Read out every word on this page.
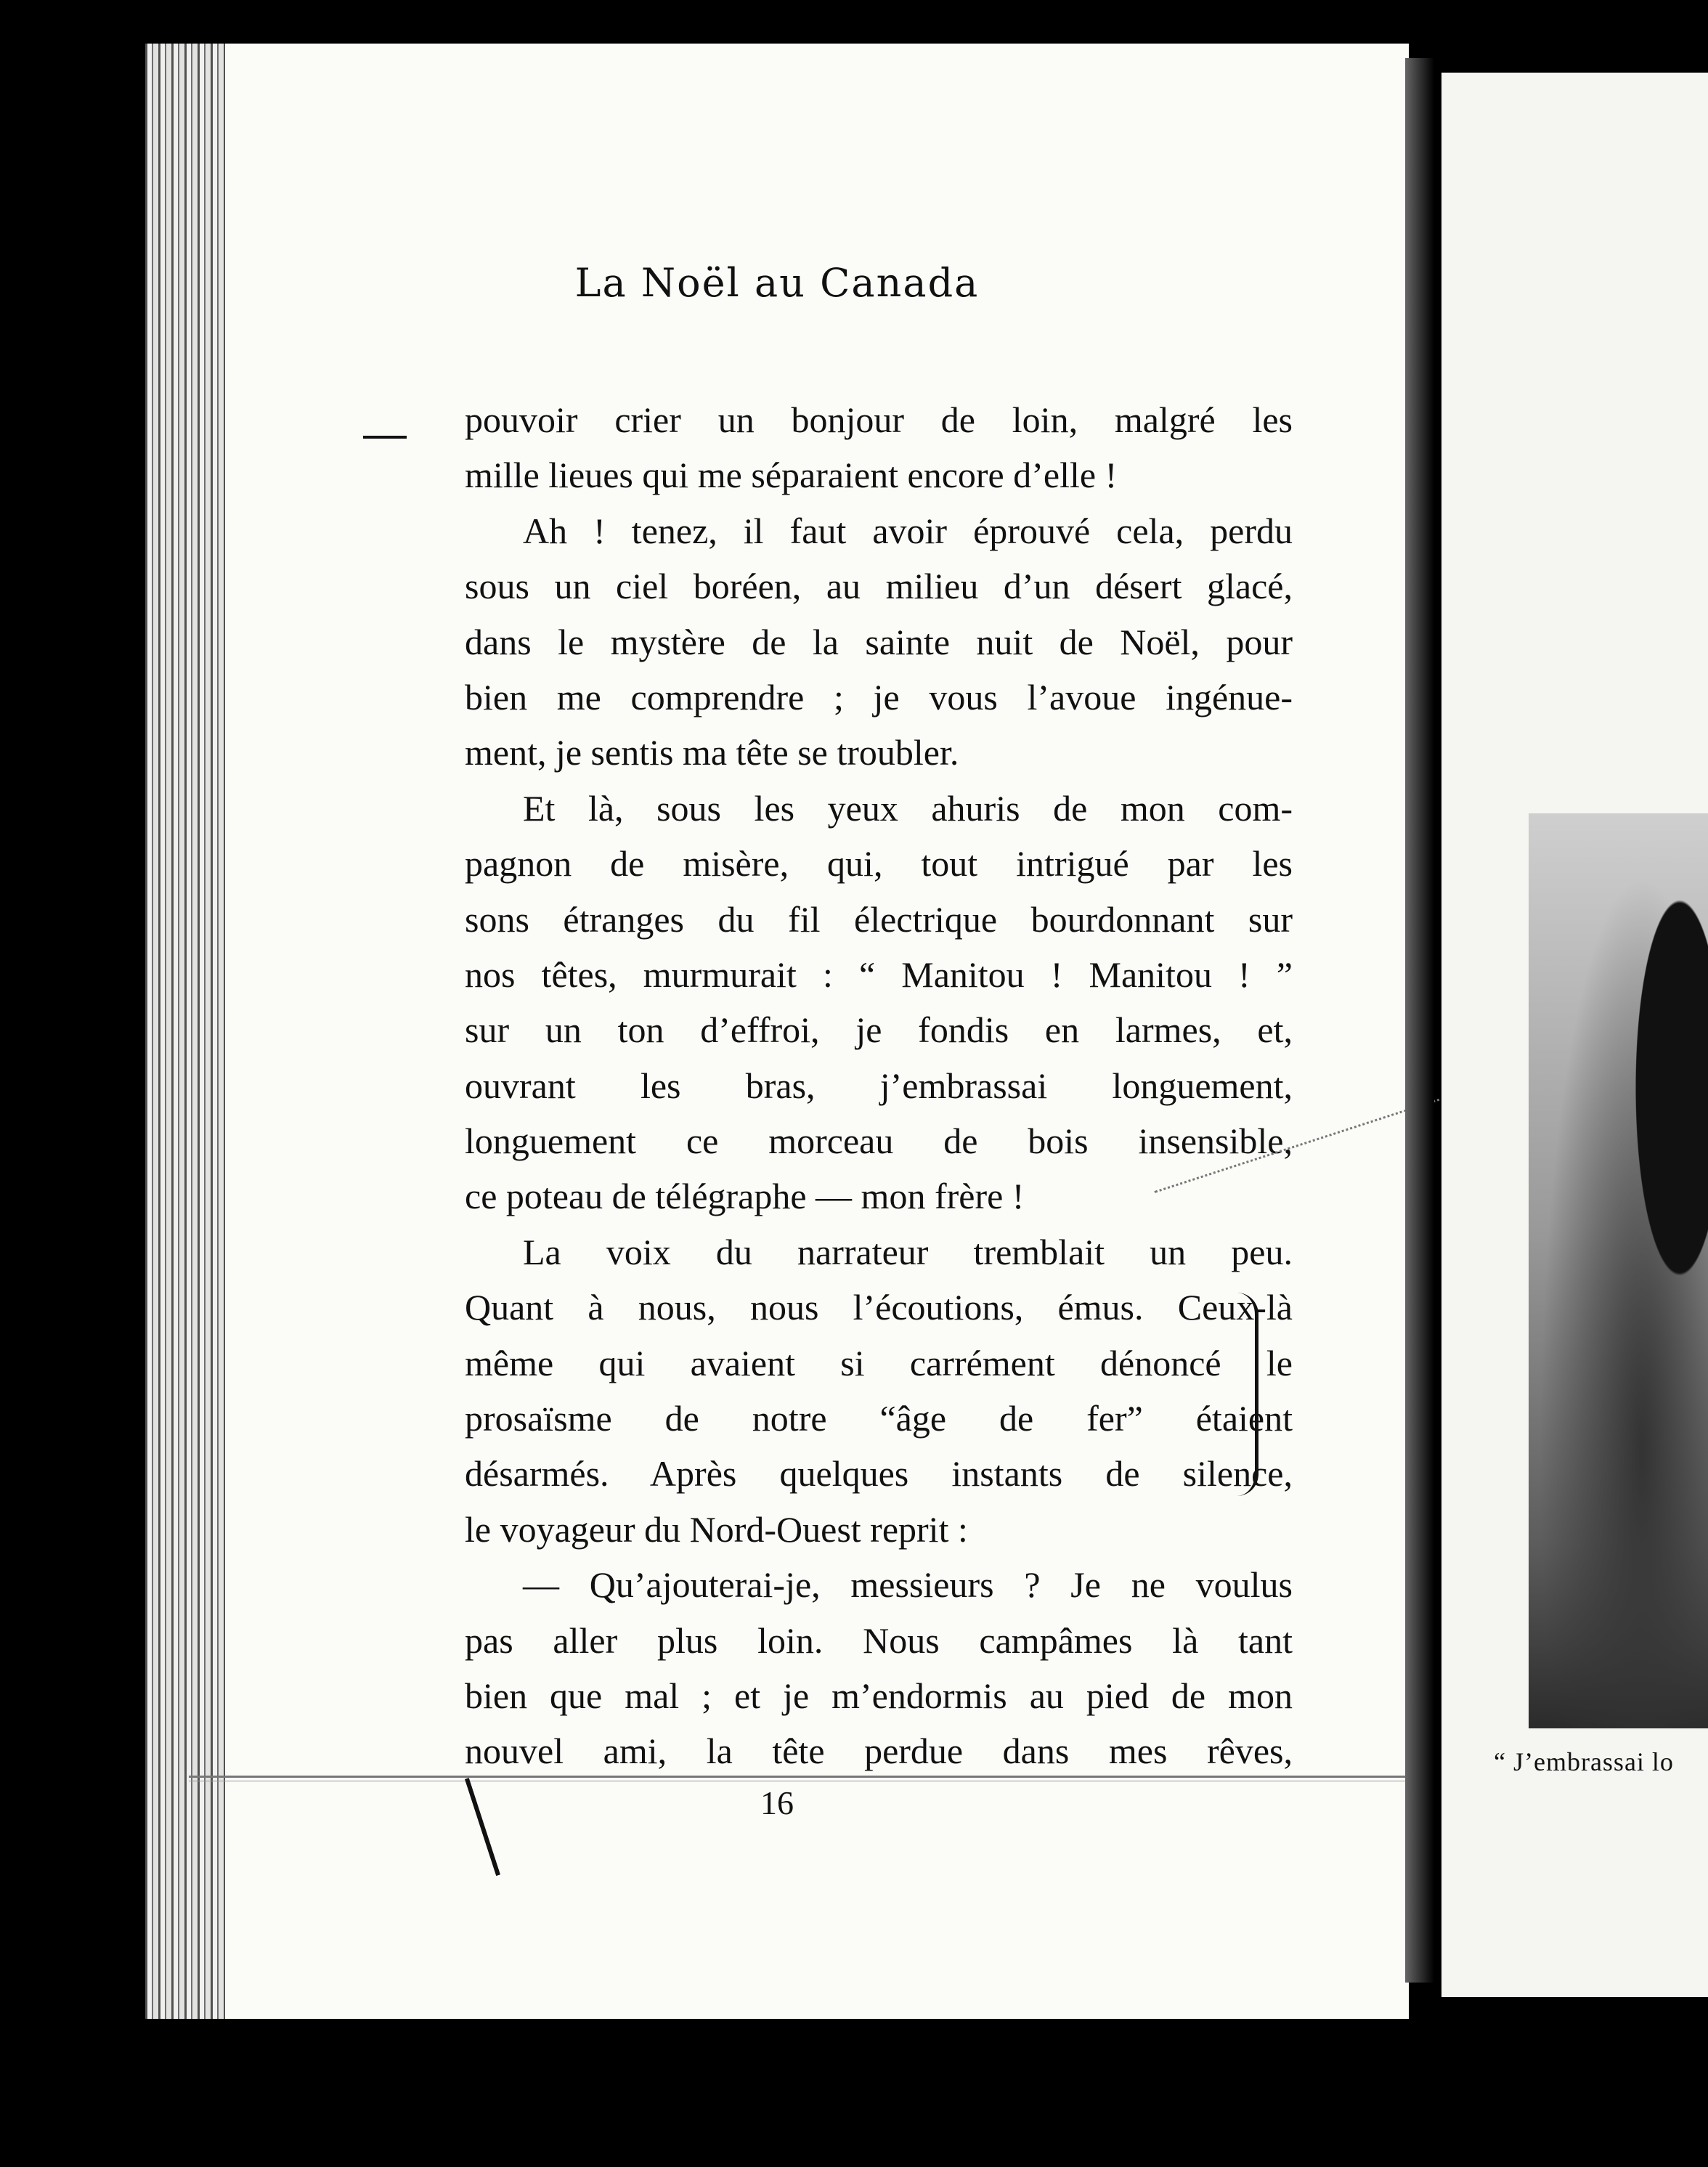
La Noël au Canada
pouvoir crier un bonjour de loin, malgré les
mille lieues qui me séparaient encore d’elle !
Ah ! tenez, il faut avoir éprouvé cela, perdu
sous un ciel boréen, au milieu d’un désert glacé,
dans le mystère de la sainte nuit de Noël, pour
bien me comprendre ; je vous l’avoue ingénue-
ment, je sentis ma tête se troubler.
Et là, sous les yeux ahuris de mon com-
pagnon de misère, qui, tout intrigué par les
sons étranges du fil électrique bourdonnant sur
nos têtes, murmurait : “ Manitou ! Manitou ! ”
sur un ton d’effroi, je fondis en larmes, et,
ouvrant les bras, j’embrassai longuement,
longuement ce morceau de bois insensible,
ce poteau de télégraphe — mon frère !
La voix du narrateur tremblait un peu.
Quant à nous, nous l’écoutions, émus. Ceux-là
même qui avaient si carrément dénoncé le
prosaïsme de notre “âge de fer” étaient
désarmés. Après quelques instants de silence,
le voyageur du Nord-Ouest reprit :
— Qu’ajouterai-je, messieurs ? Je ne voulus
pas aller plus loin. Nous campâmes là tant
bien que mal ; et je m’endormis au pied de mon
nouvel ami, la tête perdue dans mes rêves,
16
“ J’embrassai lo
